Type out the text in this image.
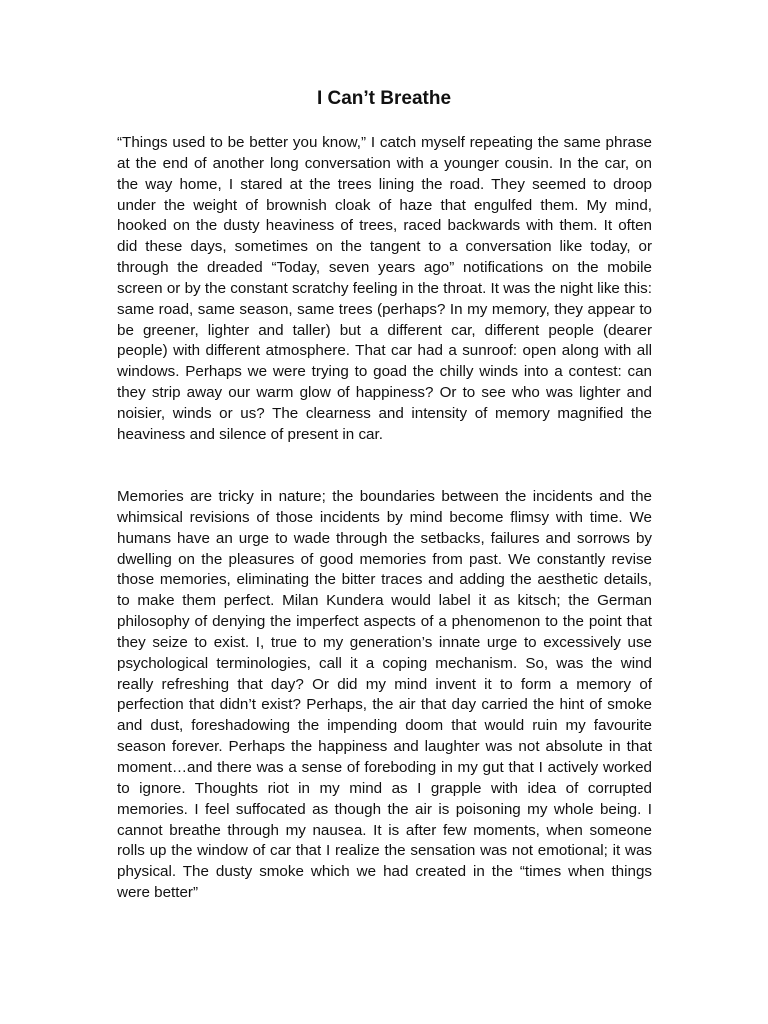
I Can’t Breathe

“Things used to be better you know,” I catch myself repeating the same phrase at the end of another long conversation with a younger cousin. In the car, on the way home, I stared at the trees lining the road. They seemed to droop under the weight of brownish cloak of haze that engulfed them. My mind, hooked on the dusty heaviness of trees, raced backwards with them. It often did these days, sometimes on the tangent to a conversation like today, or through the dreaded “Today, seven years ago” notifications on the mobile screen or by the constant scratchy feeling in the throat. It was the night like this: same road, same season, same trees (perhaps? In my memory, they appear to be greener, lighter and taller) but a different car, different people (dearer people) with different atmosphere. That car had a sunroof: open along with all windows. Perhaps we were trying to goad the chilly winds into a contest: can they strip away our warm glow of happiness? Or to see who was lighter and noisier, winds or us? The clearness and intensity of memory magnified the heaviness and silence of present in car.

Memories are tricky in nature; the boundaries between the incidents and the whimsical revisions of those incidents by mind become flimsy with time. We humans have an urge to wade through the setbacks, failures and sorrows by dwelling on the pleasures of good memories from past. We constantly revise those memories, eliminating the bitter traces and adding the aesthetic details, to make them perfect. Milan Kundera would label it as kitsch; the German philosophy of denying the imperfect aspects of a phenomenon to the point that they seize to exist. I, true to my generation’s innate urge to excessively use psychological terminologies, call it a coping mechanism. So, was the wind really refreshing that day? Or did my mind invent it to form a memory of perfection that didn’t exist? Perhaps, the air that day carried the hint of smoke and dust, foreshadowing the impending doom that would ruin my favourite season forever. Perhaps the happiness and laughter was not absolute in that moment…and there was a sense of foreboding in my gut that I actively worked to ignore. Thoughts riot in my mind as I grapple with idea of corrupted memories. I feel suffocated as though the air is poisoning my whole being. I cannot breathe through my nausea. It is after few moments, when someone rolls up the window of car that I realize the sensation was not emotional; it was physical. The dusty smoke which we had created in the “times when things were better”
